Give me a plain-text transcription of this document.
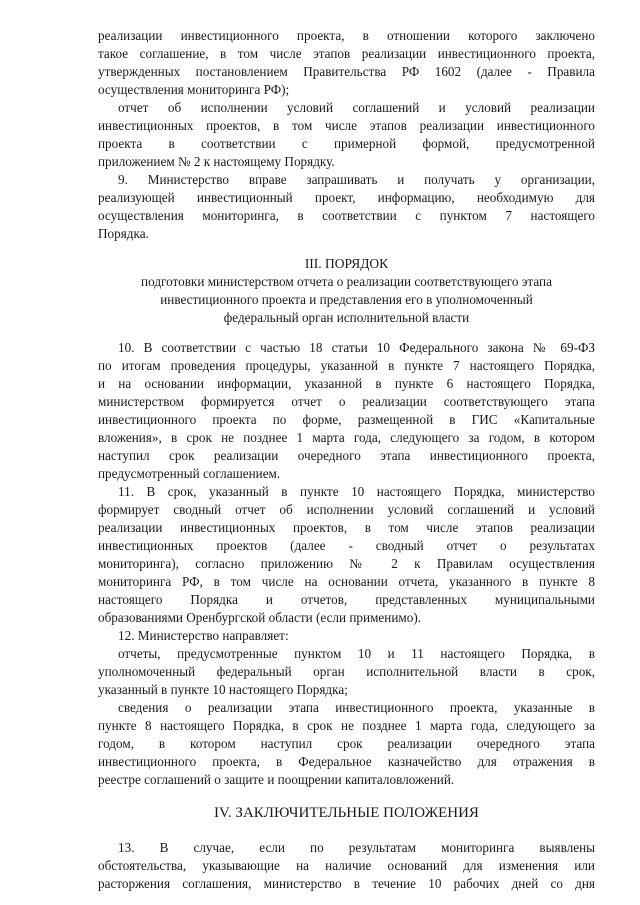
реализации инвестиционного проекта, в отношении которого заключено
такое соглашение, в том числе этапов реализации инвестиционного проекта,
утвержденных постановлением Правительства РФ 1602 (далее - Правила
осуществления мониторинга РФ);
отчет об исполнении условий соглашений и условий реализации
инвестиционных проектов, в том числе этапов реализации инвестиционного
проекта в соответствии с примерной формой, предусмотренной
приложением № 2 к настоящему Порядку.
9. Министерство вправе запрашивать и получать у организации,
реализующей инвестиционный проект, информацию, необходимую для
осуществления мониторинга, в соответствии с пунктом 7 настоящего
Порядка.
III. ПОРЯДОК
подготовки министерством отчета о реализации соответствующего этапа
инвестиционного проекта и представления его в уполномоченный
федеральный орган исполнительной власти
10. В соответствии с частью 18 статьи 10 Федерального закона № 69-ФЗ
по итогам проведения процедуры, указанной в пункте 7 настоящего Порядка,
и на основании информации, указанной в пункте 6 настоящего Порядка,
министерством формируется отчет о реализации соответствующего этапа
инвестиционного проекта по форме, размещенной в ГИС «Капитальные
вложения», в срок не позднее 1 марта года, следующего за годом, в котором
наступил срок реализации очередного этапа инвестиционного проекта,
предусмотренный соглашением.
11. В срок, указанный в пункте 10 настоящего Порядка, министерство
формирует сводный отчет об исполнении условий соглашений и условий
реализации инвестиционных проектов, в том числе этапов реализации
инвестиционных проектов (далее - сводный отчет о результатах
мониторинга), согласно приложению № 2 к Правилам осуществления
мониторинга РФ, в том числе на основании отчета, указанного в пункте 8
настоящего Порядка и отчетов, представленных муниципальными
образованиями Оренбургской области (если применимо).
12. Министерство направляет:
отчеты, предусмотренные пунктом 10 и 11 настоящего Порядка, в
уполномоченный федеральный орган исполнительной власти в срок,
указанный в пункте 10 настоящего Порядка;
сведения о реализации этапа инвестиционного проекта, указанные в
пункте 8 настоящего Порядка, в срок не позднее 1 марта года, следующего за
годом, в котором наступил срок реализации очередного этапа
инвестиционного проекта, в Федеральное казначейство для отражения в
реестре соглашений о защите и поощрении капиталовложений.
IV. ЗАКЛЮЧИТЕЛЬНЫЕ ПОЛОЖЕНИЯ
13. В случае, если по результатам мониторинга выявлены
обстоятельства, указывающие на наличие оснований для изменения или
расторжения соглашения, министерство в течение 10 рабочих дней со дня
